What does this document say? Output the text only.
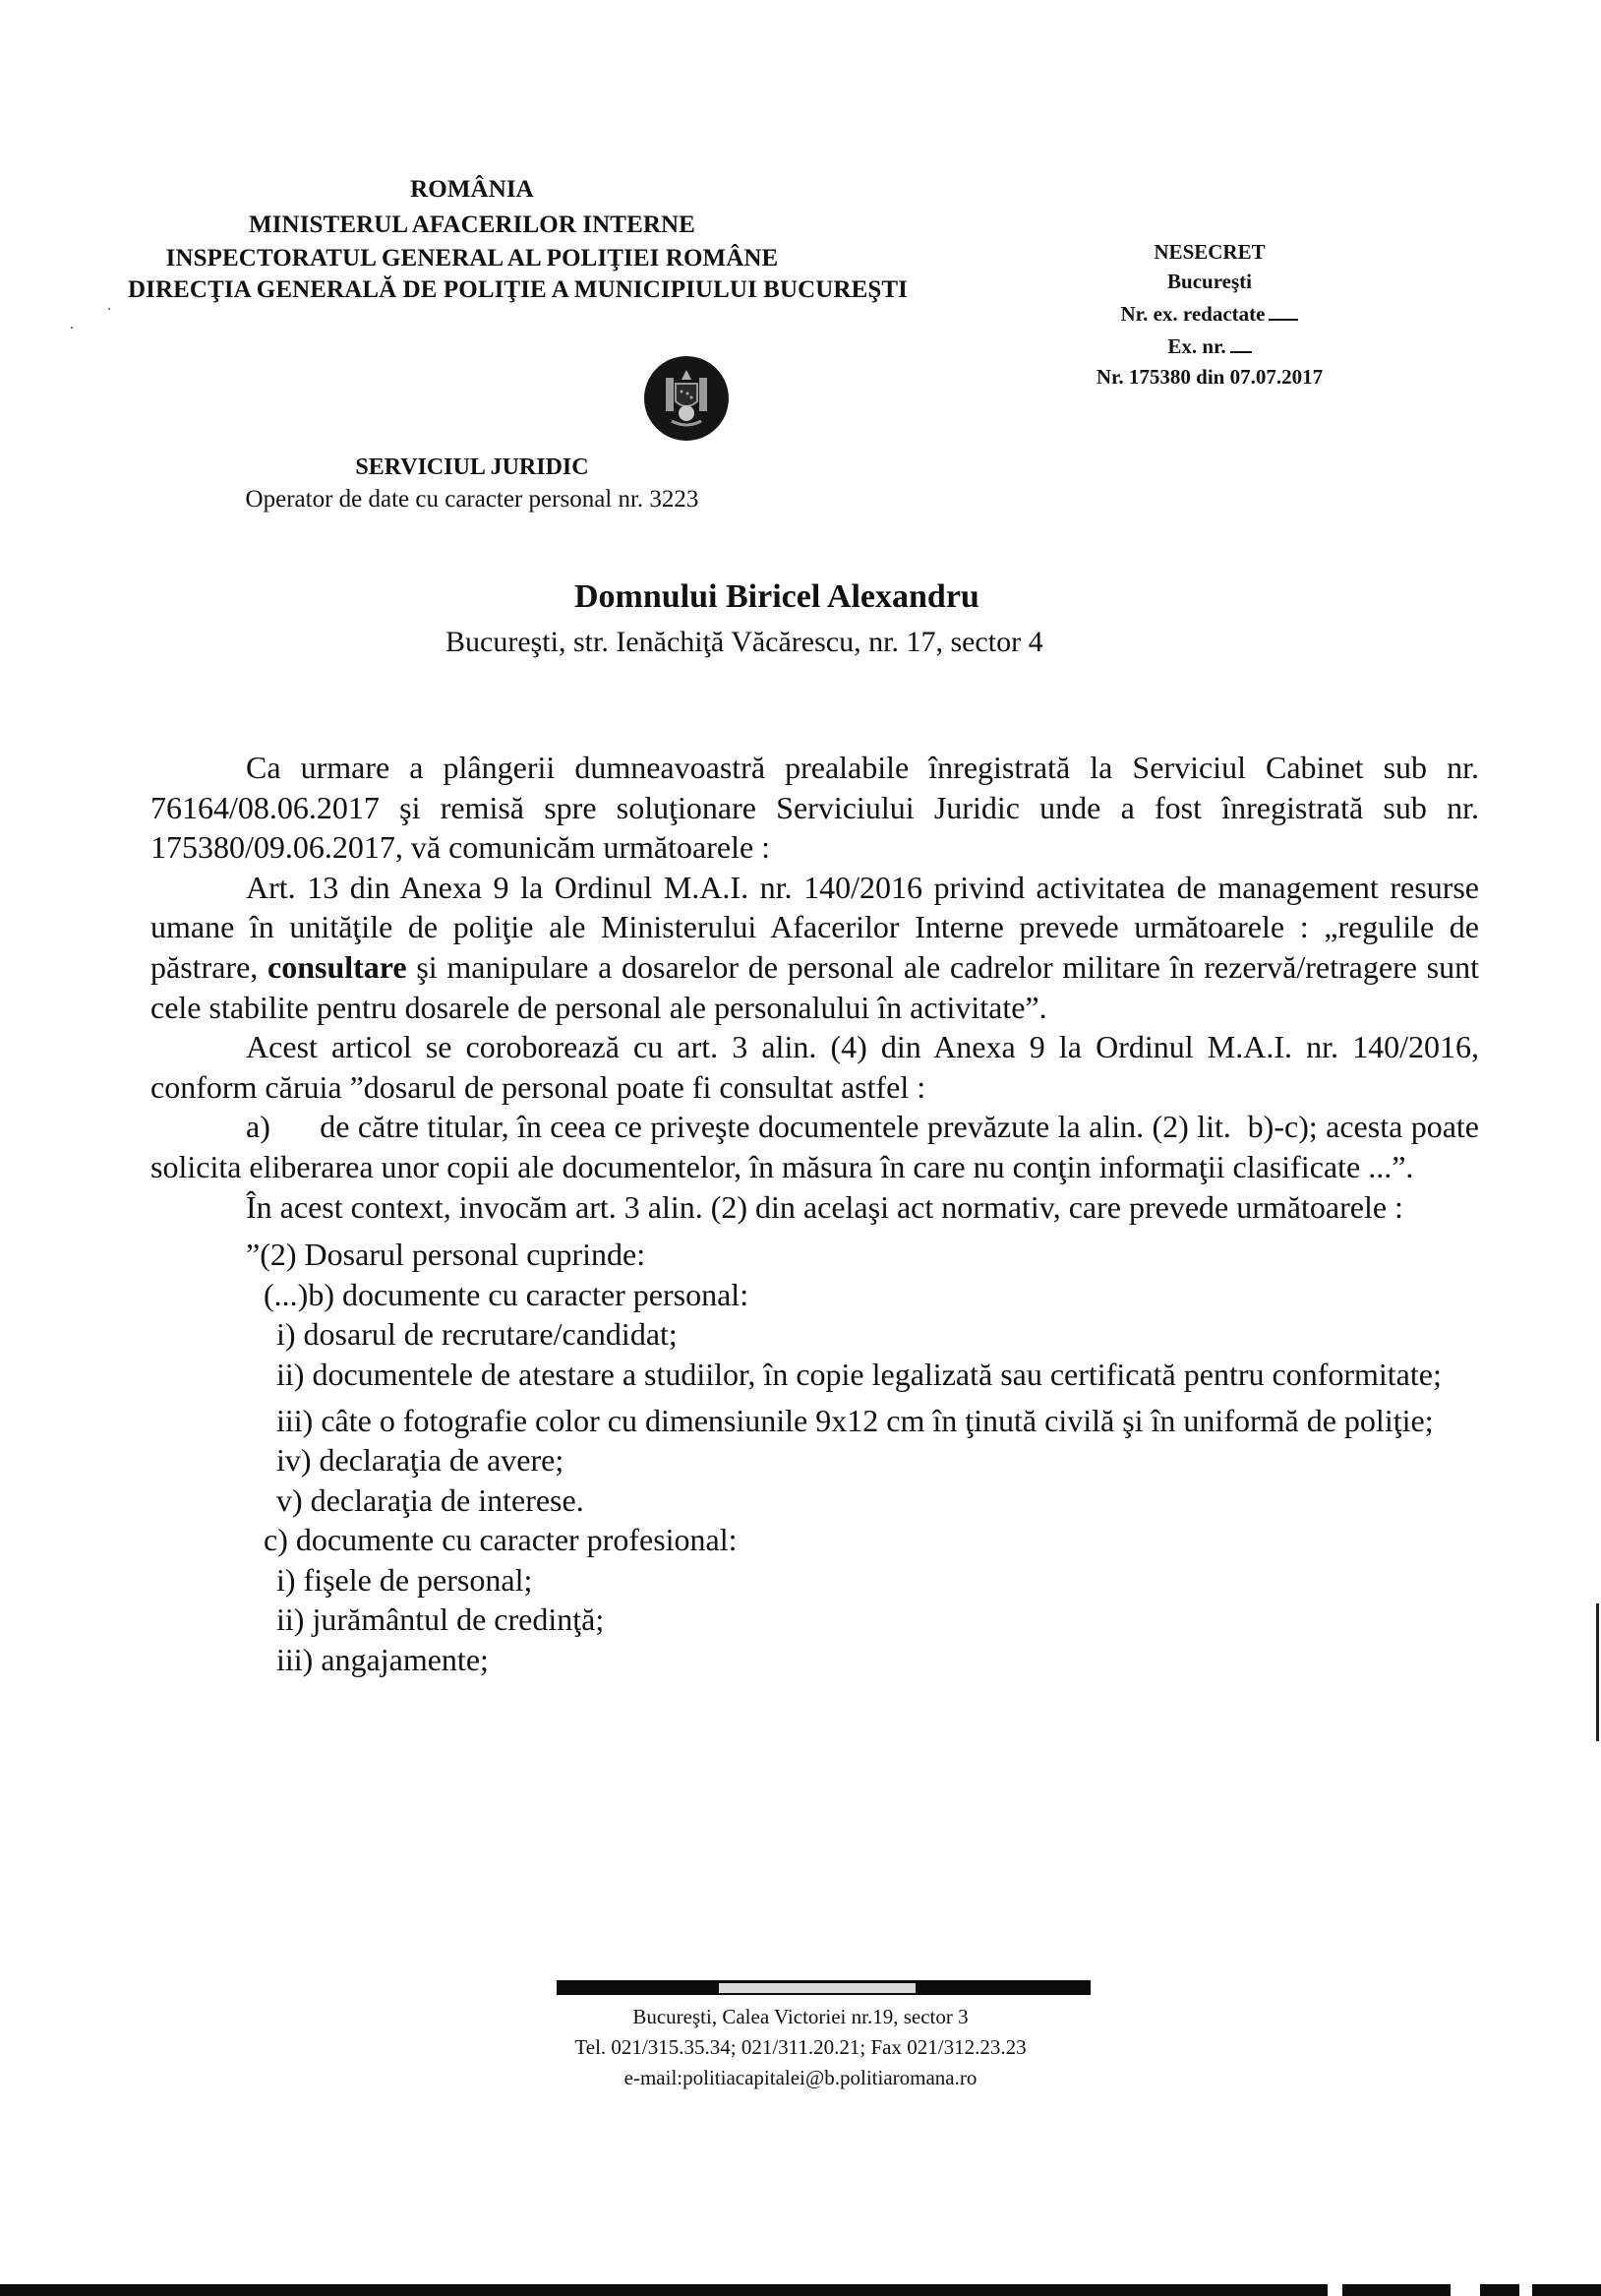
ROMÂNIA
MINISTERUL AFACERILOR INTERNE
INSPECTORATUL GENERAL AL POLIŢIEI ROMÂNE
DIRECŢIA GENERALĂ DE POLIŢIE A MUNICIPIULUI BUCUREŞTI
NESECRET
Bucureşti
Nr. ex. redactate
Ex. nr.
Nr. 175380 din 07.07.2017
SERVICIUL JURIDIC
Operator de date cu caracter personal nr. 3223
Domnului Biricel Alexandru
Bucureşti, str. Ienăchiţă Văcărescu, nr. 17, sector 4

Ca urmare a plângerii dumneavoastră prealabile înregistrată la Serviciul Cabinet sub nr. 76164/08.06.2017 şi remisă spre soluţionare Serviciului Juridic unde a fost înregistrată sub nr. 175380/09.06.2017, vă comunicăm următoarele :

Art. 13 din Anexa 9 la Ordinul M.A.I. nr. 140/2016 privind activitatea de management resurse umane în unităţile de poliţie ale Ministerului Afacerilor Interne prevede următoarele : „regulile de păstrare, consultare şi manipulare a dosarelor de personal ale cadrelor militare în rezervă/retragere sunt cele stabilite pentru dosarele de personal ale personalului în activitate”.

Acest articol se coroborează cu art. 3 alin. (4) din Anexa 9 la Ordinul M.A.I. nr. 140/2016, conform căruia ”dosarul de personal poate fi consultat astfel :

a)      de către titular, în ceea ce priveşte documentele prevăzute la alin. (2) lit.  b)-c); acesta poate solicita eliberarea unor copii ale documentelor, în măsura în care nu conţin informaţii clasificate ...”.

În acest context, invocăm art. 3 alin. (2) din acelaşi act normativ, care prevede următoarele :

”(2) Dosarul personal cuprinde:

(...)b) documente cu caracter personal:

i) dosarul de recrutare/candidat;

ii) documentele de atestare a studiilor, în copie legalizată sau certificată pentru conformitate;

iii) câte o fotografie color cu dimensiunile 9x12 cm în ţinută civilă şi în uniformă de poliţie;

iv) declaraţia de avere;

v) declaraţia de interese.

c) documente cu caracter profesional:

i) fişele de personal;

ii) jurământul de credinţă;

iii) angajamente;

Bucureşti, Calea Victoriei nr.19, sector 3
Tel. 021/315.35.34; 021/311.20.21; Fax 021/312.23.23
e-mail:politiacapitalei@b.politiaromana.ro
